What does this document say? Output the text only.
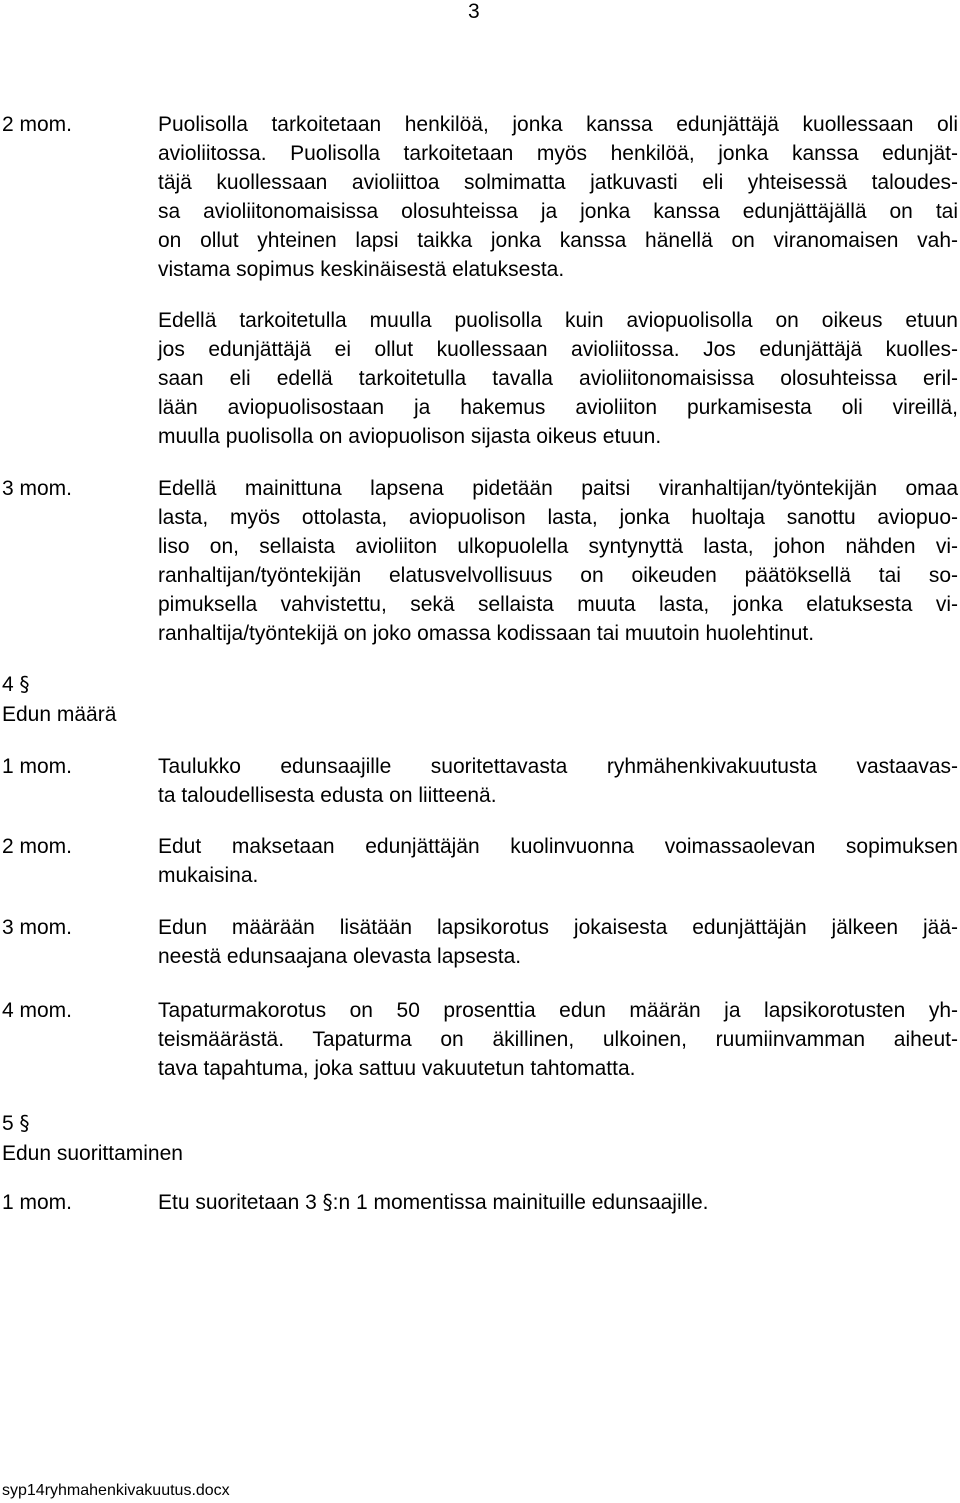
3
2 mom.	Puolisolla tarkoitetaan henkilöä, jonka kanssa edunjättäjä kuollessaan oli
avioliitossa. Puolisolla tarkoitetaan myös henkilöä, jonka kanssa edunjät-
täjä kuollessaan avioliittoa solmimatta jatkuvasti eli yhteisessä taloudes-
sa avioliitonomaisissa olosuhteissa ja jonka kanssa edunjättäjällä on tai
on ollut yhteinen lapsi taikka jonka kanssa hänellä on viranomaisen vah-
vistama sopimus keskinäisestä elatuksesta.
Edellä tarkoitetulla muulla puolisolla kuin aviopuolisolla on oikeus etuun
jos edunjättäjä ei ollut kuollessaan avioliitossa. Jos edunjättäjä kuolles-
saan eli edellä tarkoitetulla tavalla avioliitonomaisissa olosuhteissa eril-
lään aviopuolisostaan ja hakemus avioliiton purkamisesta oli vireillä,
muulla puolisolla on aviopuolison sijasta oikeus etuun.
3 mom.	Edellä mainittuna lapsena pidetään paitsi viranhaltijan/työntekijän omaa
lasta, myös ottolasta, aviopuolison lasta, jonka huoltaja sanottu aviopuo-
liso on, sellaista avioliiton ulkopuolella syntynyttä lasta, johon nähden vi-
ranhaltijan/työntekijän elatusvelvollisuus on oikeuden päätöksellä tai so-
pimuksella vahvistettu, sekä sellaista muuta lasta, jonka elatuksesta vi-
ranhaltija/työntekijä on joko omassa kodissaan tai muutoin huolehtinut.
4 §
Edun määrä
1 mom.	Taulukko edunsaajille suoritettavasta ryhmähenkivakuutusta vastaavas-
ta taloudellisesta edusta on liitteenä.
2 mom.	Edut maksetaan edunjättäjän kuolinvuonna voimassaolevan sopimuksen
mukaisina.
3 mom.	Edun määrään lisätään lapsikorotus jokaisesta edunjättäjän jälkeen jää-
neestä edunsaajana olevasta lapsesta.
4 mom.	Tapaturmakorotus on 50 prosenttia edun määrän ja lapsikorotusten yh-
teismäärästä. Tapaturma on äkillinen, ulkoinen, ruumiinvamman aiheut-
tava tapahtuma, joka sattuu vakuutetun tahtomatta.
5 §
Edun suorittaminen
1 mom.	Etu suoritetaan 3 §:n 1 momentissa mainituille edunsaajille.
syp14ryhmahenkivakuutus.docx
